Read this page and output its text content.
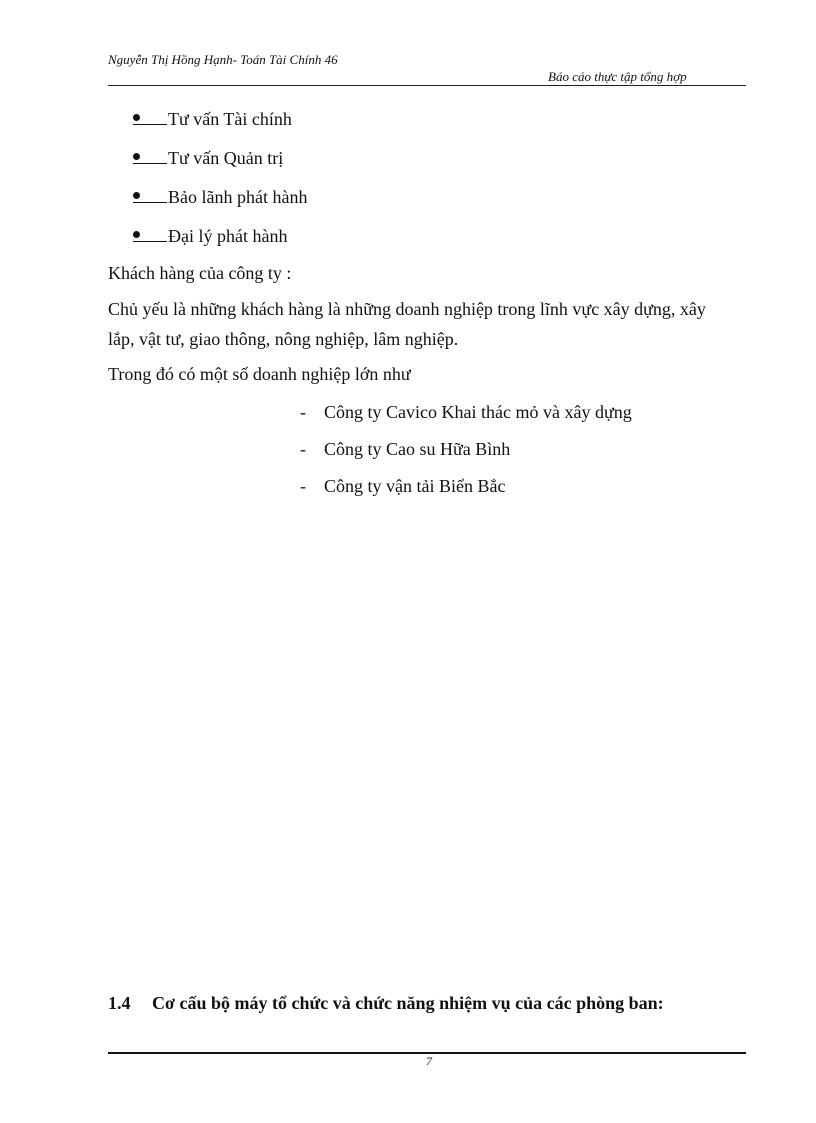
Nguyễn Thị Hồng Hạnh- Toán Tài Chính 46
Báo cáo thực tập tổng hợp
Tư vấn Tài chính
Tư vấn Quản trị
Bảo lãnh phát hành
Đại lý phát hành
Khách hàng của công ty :
Chủ yếu là những khách hàng là những doanh nghiệp trong lĩnh vực xây dựng, xây lắp, vật tư, giao thông, nông nghiệp, lâm nghiệp.
Trong đó có một số doanh nghiệp lớn như
- Công ty Cavico Khai thác mỏ và xây dựng
- Công ty Cao su Hữa Bình
- Công ty vận tải Biển Bắc
1.4 Cơ cấu bộ máy tổ chức và chức năng nhiệm vụ của các phòng ban:
7
